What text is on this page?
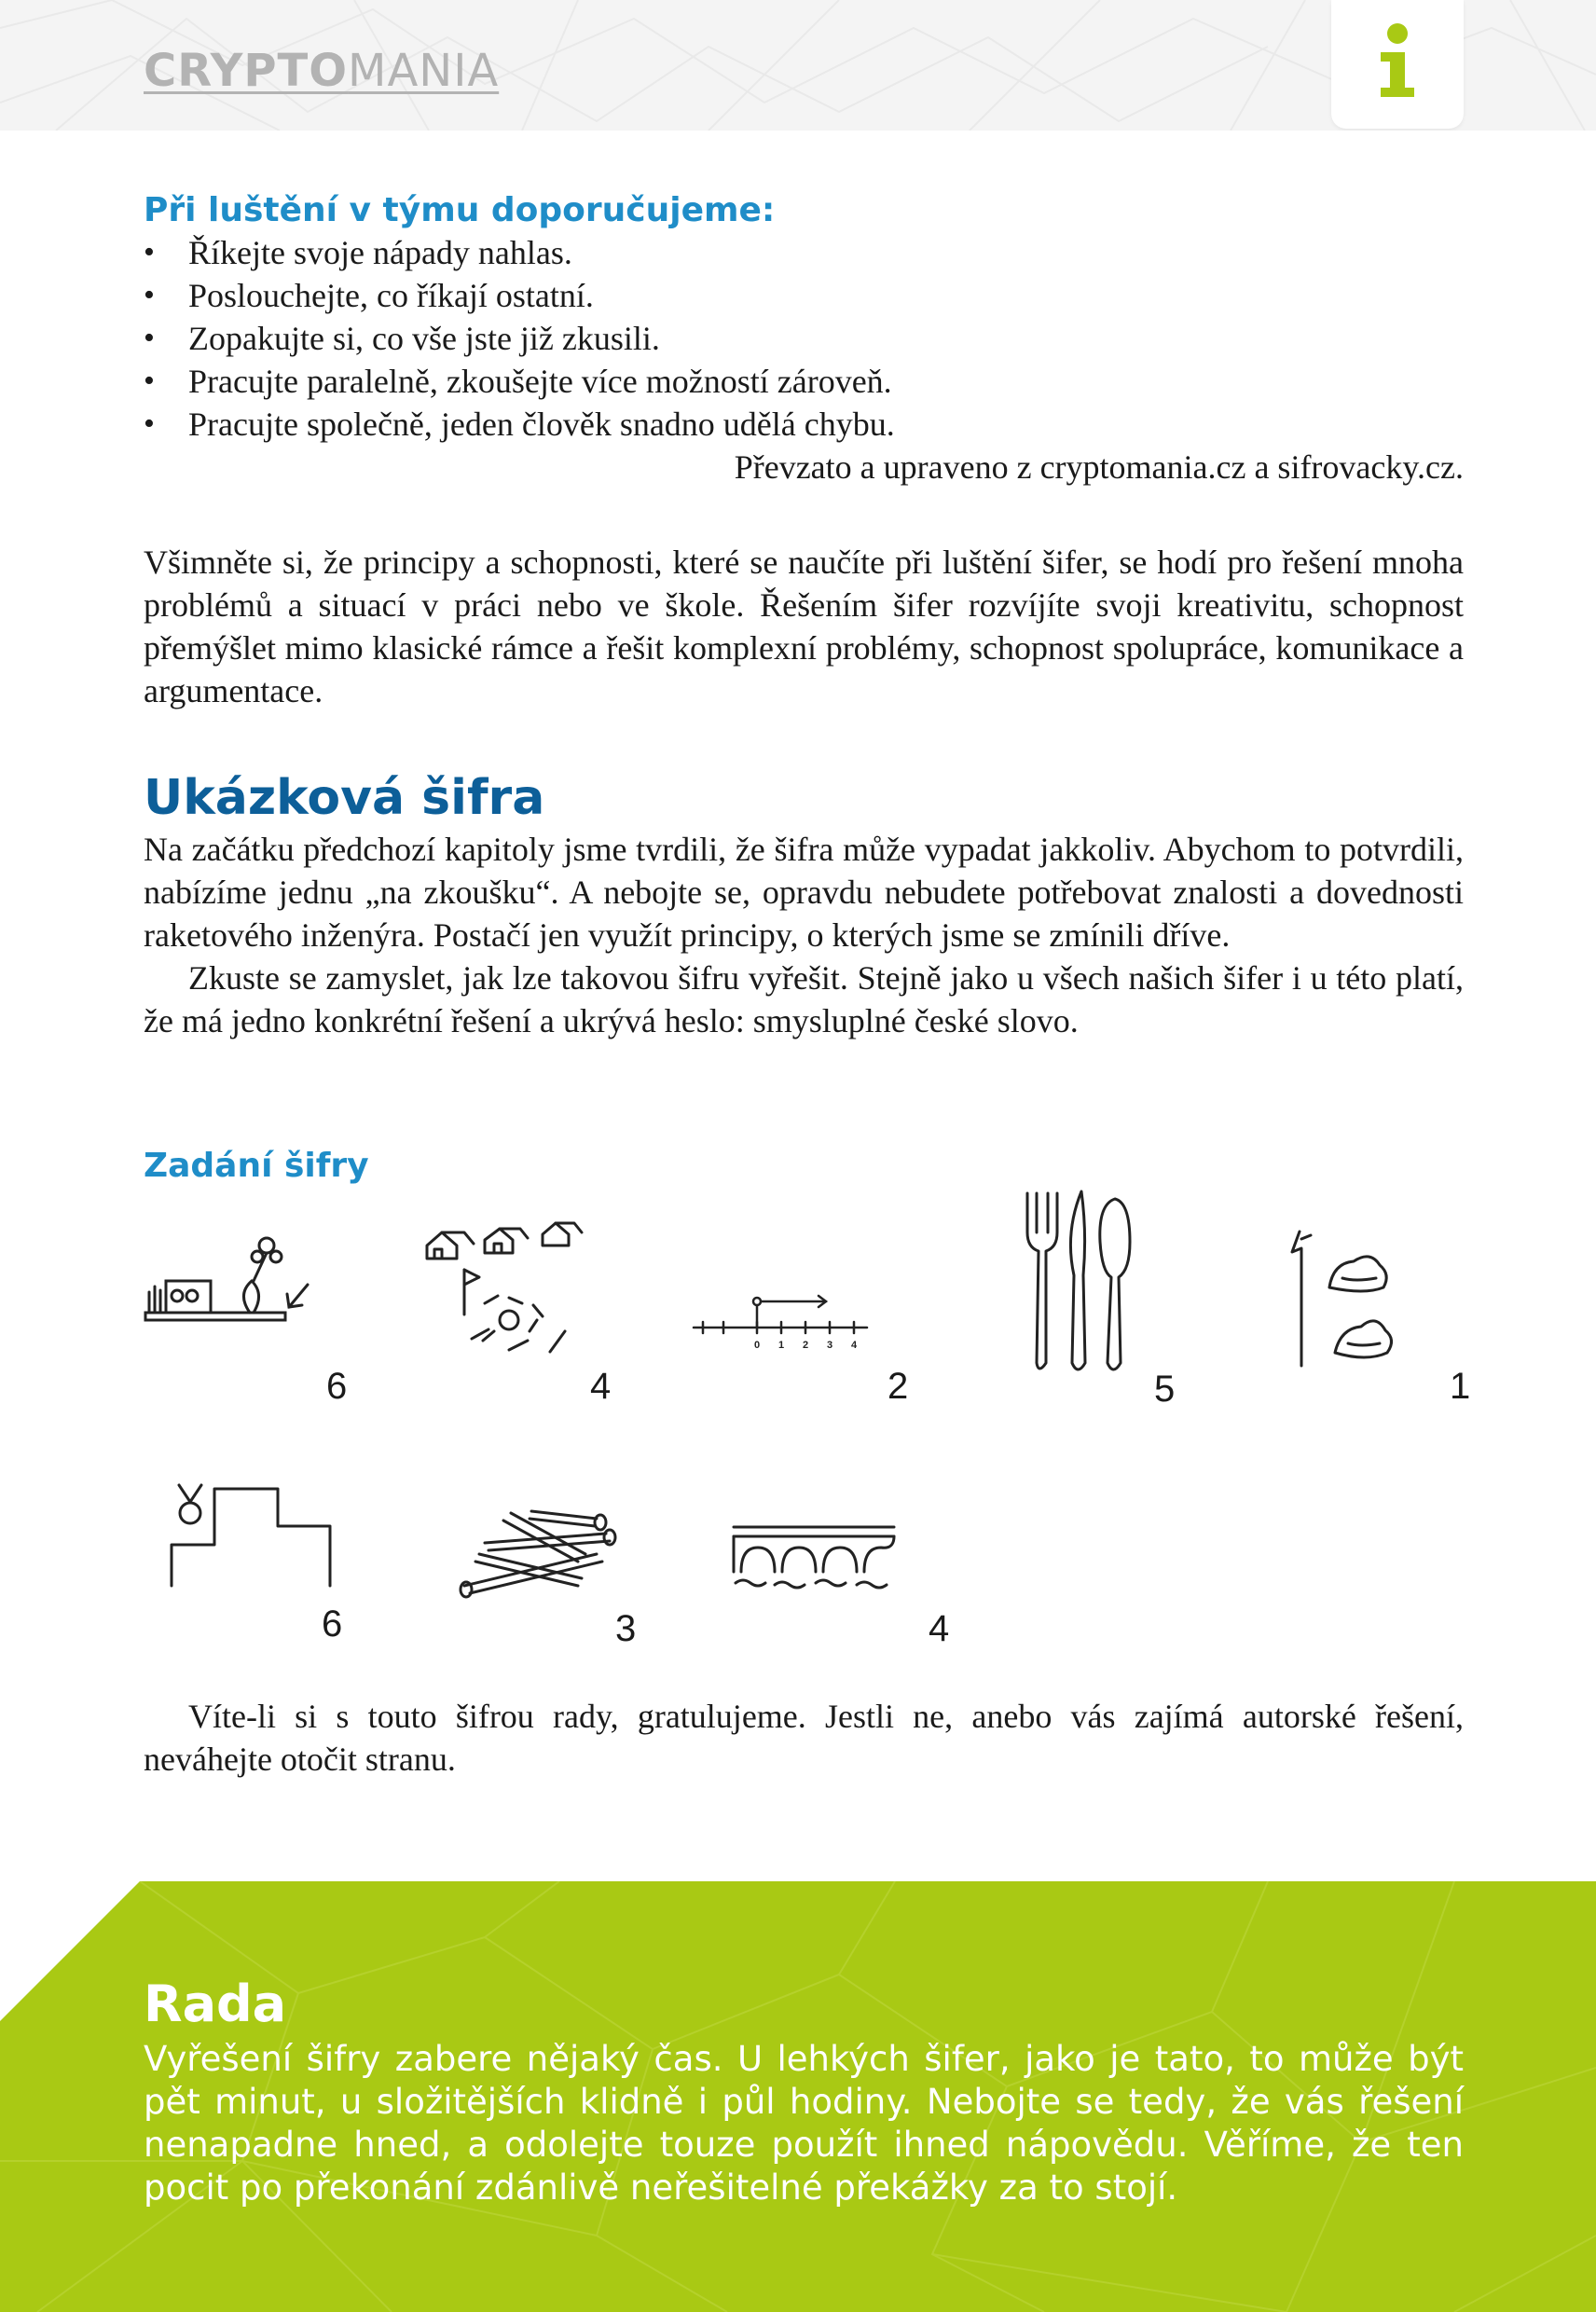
CRYPTOMANIA
Při luštění v týmu doporučujeme:
• Říkejte svoje nápady nahlas.
• Poslouchejte, co říkají ostatní.
• Zopakujte si, co vše jste již zkusili.
• Pracujte paralelně, zkoušejte více možností zároveň.
• Pracujte společně, jeden člověk snadno udělá chybu.
Převzato a upraveno z cryptomania.cz a sifrovacky.cz.

Všimněte si, že principy a schopnosti, které se naučíte při luštění šifer, se hodí pro řešení mnoha problémů a situací v práci nebo ve škole. Řešením šifer rozvíjíte svoji kreativitu, schopnost přemýšlet mimo klasické rámce a řešit komplexní problémy, schopnost spolupráce, komunikace a argumentace.

Ukázková šifra

Na začátku předchozí kapitoly jsme tvrdili, že šifra může vypadat jakkoliv. Abychom to potvrdili, nabízíme jednu „na zkoušku“. A nebojte se, opravdu nebudete potřebovat znalosti a dovednosti raketového inženýra. Postačí jen využít principy, o kterých jsme se zmínili dříve.

Zkuste se zamyslet, jak lze takovou šifru vyřešit. Stejně jako u všech našich šifer i u této platí, že má jedno konkrétní řešení a ukrývá heslo: smysluplné české slovo.

Zadání šifry
6	4
0 1 2 3 4
2	5	1
6	3	4

Víte-li si s touto šifrou rady, gratulujeme. Jestli ne, anebo vás zajímá autorské řešení, neváhejte otočit stranu.

Rada

Vyřešení šifry zabere nějaký čas. U lehkých šifer, jako je tato, to může být pět minut, u složitějších klidně i půl hodiny. Nebojte se tedy, že vás řešení nenapadne hned, a odolejte touze použít ihned nápovědu. Věříme, že ten pocit po překonání zdánlivě neřešitelné překážky za to stojí.
